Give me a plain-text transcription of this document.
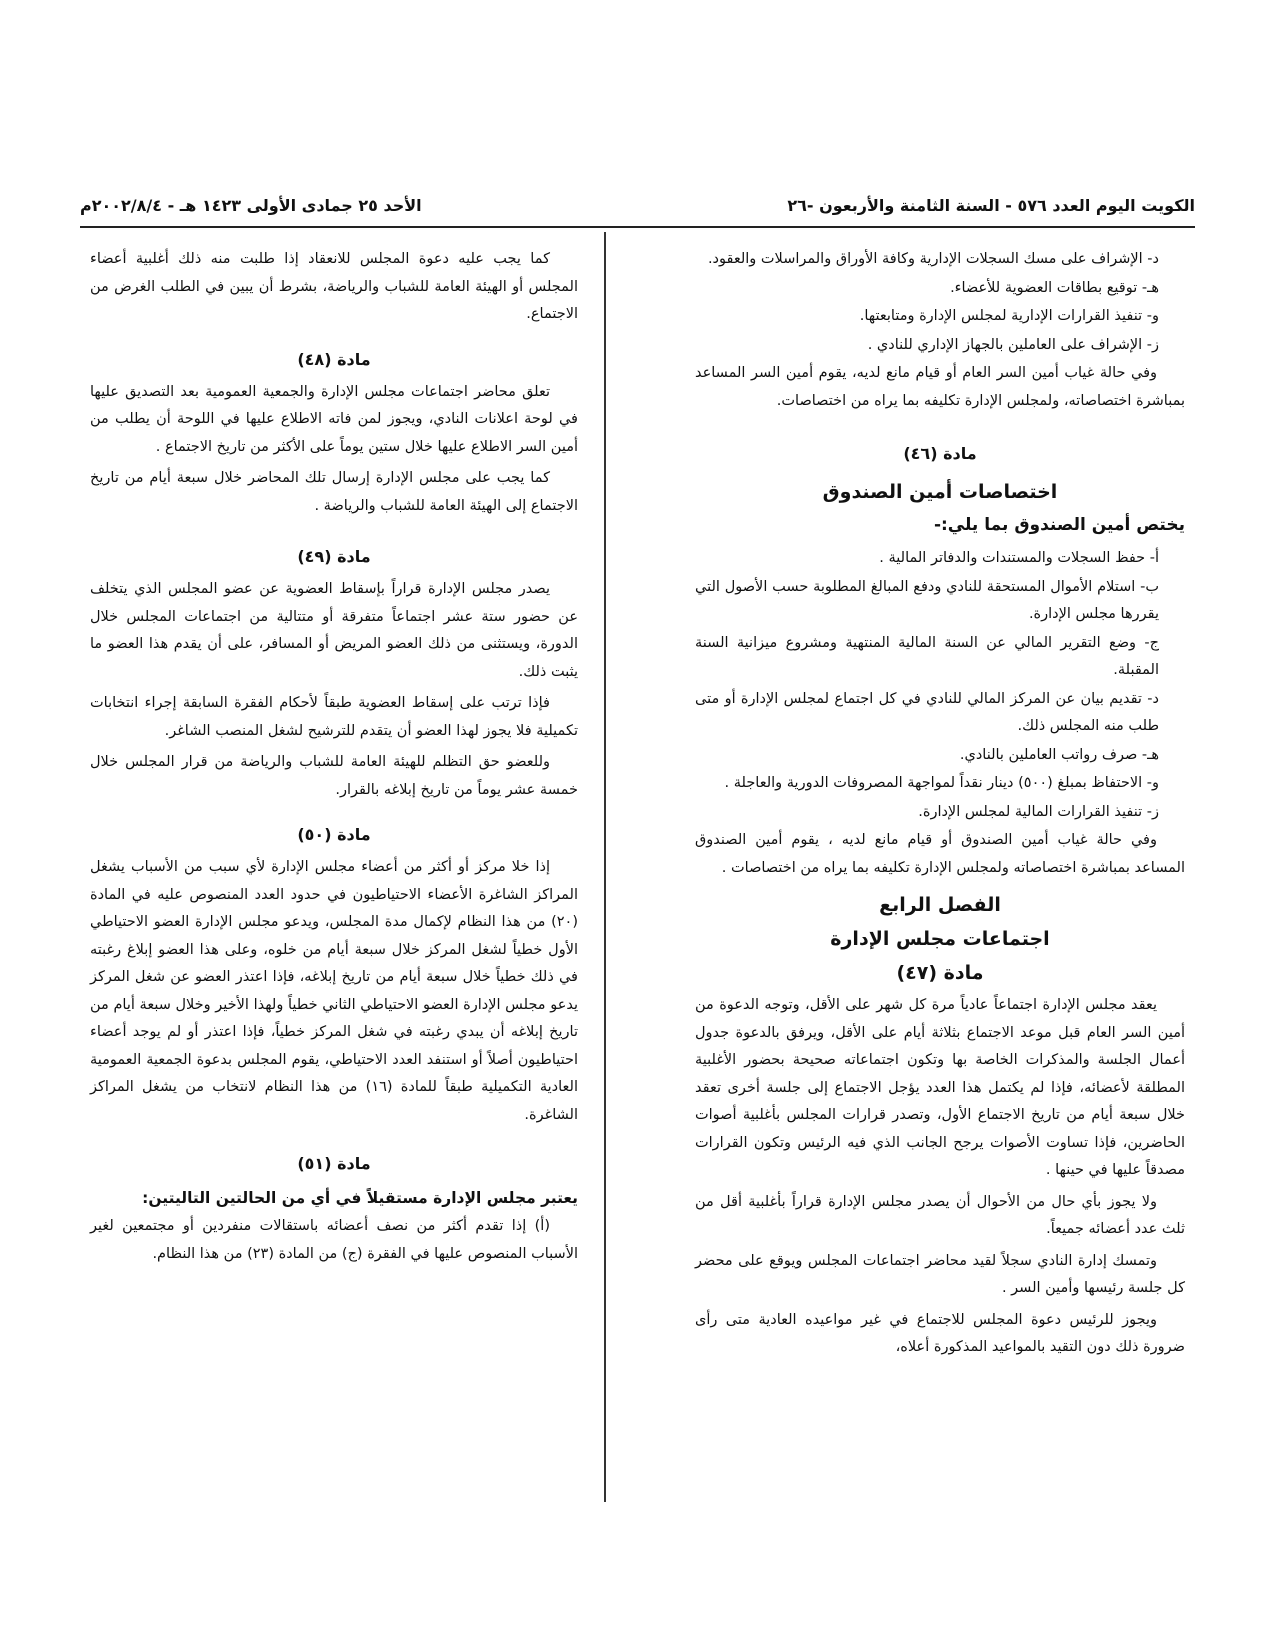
الكويت اليوم العدد ٥٧٦ - السنة الثامنة والأربعون -٢٦
الأحد ٢٥ جمادى الأولى ١٤٢٣ هـ - ٢٠٠٢/٨/٤م

د- الإشراف على مسك السجلات الإدارية وكافة الأوراق والمراسلات والعقود.

هـ- توقيع بطاقات العضوية للأعضاء.

و- تنفيذ القرارات الإدارية لمجلس الإدارة ومتابعتها.

ز- الإشراف على العاملين بالجهاز الإداري للنادي .

وفي حالة غياب أمين السر العام أو قيام مانع لديه، يقوم أمين السر المساعد بمباشرة اختصاصاته، ولمجلس الإدارة تكليفه بما يراه من اختصاصات.

مادة (٤٦)
اختصاصات أمين الصندوق
يختص أمين الصندوق بما يلي:-

أ- حفظ السجلات والمستندات والدفاتر المالية .

ب- استلام الأموال المستحقة للنادي ودفع المبالغ المطلوبة حسب الأصول التي يقررها مجلس الإدارة.

ج- وضع التقرير المالي عن السنة المالية المنتهية ومشروع ميزانية السنة المقبلة.

د- تقديم بيان عن المركز المالي للنادي في كل اجتماع لمجلس الإدارة أو متى طلب منه المجلس ذلك.

هـ- صرف رواتب العاملين بالنادي.

و- الاحتفاظ بمبلغ (٥٠٠) دينار نقداً لمواجهة المصروفات الدورية والعاجلة .

ز- تنفيذ القرارات المالية لمجلس الإدارة.

وفي حالة غياب أمين الصندوق أو قيام مانع لديه ، يقوم أمين الصندوق المساعد بمباشرة اختصاصاته ولمجلس الإدارة تكليفه بما يراه من اختصاصات .

الفصل الرابع
اجتماعات مجلس الإدارة
مادة (٤٧)

يعقد مجلس الإدارة اجتماعاً عادياً مرة كل شهر على الأقل، وتوجه الدعوة من أمين السر العام قبل موعد الاجتماع بثلاثة أيام على الأقل، ويرفق بالدعوة جدول أعمال الجلسة والمذكرات الخاصة بها وتكون اجتماعاته صحيحة بحضور الأغلبية المطلقة لأعضائه، فإذا لم يكتمل هذا العدد يؤجل الاجتماع إلى جلسة أخرى تعقد خلال سبعة أيام من تاريخ الاجتماع الأول، وتصدر قرارات المجلس بأغلبية أصوات الحاضرين، فإذا تساوت الأصوات يرجح الجانب الذي فيه الرئيس وتكون القرارات مصدقاً عليها في حينها .

ولا يجوز بأي حال من الأحوال أن يصدر مجلس الإدارة قراراً بأغلبية أقل من ثلث عدد أعضائه جميعاً.

وتمسك إدارة النادي سجلاً لقيد محاضر اجتماعات المجلس ويوقع على محضر كل جلسة رئيسها وأمين السر .

ويجوز للرئيس دعوة المجلس للاجتماع في غير مواعيده العادية متى رأى ضرورة ذلك دون التقيد بالمواعيد المذكورة أعلاه،

كما يجب عليه دعوة المجلس للانعقاد إذا طلبت منه ذلك أغلبية أعضاء المجلس أو الهيئة العامة للشباب والرياضة، بشرط أن يبين في الطلب الغرض من الاجتماع.

مادة (٤٨)

تعلق محاضر اجتماعات مجلس الإدارة والجمعية العمومية بعد التصديق عليها في لوحة اعلانات النادي، ويجوز لمن فاته الاطلاع عليها في اللوحة أن يطلب من أمين السر الاطلاع عليها خلال ستين يوماً على الأكثر من تاريخ الاجتماع .

كما يجب على مجلس الإدارة إرسال تلك المحاضر خلال سبعة أيام من تاريخ الاجتماع إلى الهيئة العامة للشباب والرياضة .

مادة (٤٩)

يصدر مجلس الإدارة قراراً بإسقاط العضوية عن عضو المجلس الذي يتخلف عن حضور ستة عشر اجتماعاً متفرقة أو متتالية من اجتماعات المجلس خلال الدورة، ويستثنى من ذلك العضو المريض أو المسافر، على أن يقدم هذا العضو ما يثبت ذلك.

فإذا ترتب على إسقاط العضوية طبقاً لأحكام الفقرة السابقة إجراء انتخابات تكميلية فلا يجوز لهذا العضو أن يتقدم للترشيح لشغل المنصب الشاغر.

وللعضو حق التظلم للهيئة العامة للشباب والرياضة من قرار المجلس خلال خمسة عشر يوماً من تاريخ إبلاغه بالقرار.

مادة (٥٠)

إذا خلا مركز أو أكثر من أعضاء مجلس الإدارة لأي سبب من الأسباب يشغل المراكز الشاغرة الأعضاء الاحتياطيون في حدود العدد المنصوص عليه في المادة (٢٠) من هذا النظام لإكمال مدة المجلس، ويدعو مجلس الإدارة العضو الاحتياطي الأول خطياً لشغل المركز خلال سبعة أيام من خلوه، وعلى هذا العضو إبلاغ رغبته في ذلك خطياً خلال سبعة أيام من تاريخ إبلاغه، فإذا اعتذر العضو عن شغل المركز يدعو مجلس الإدارة العضو الاحتياطي الثاني خطياً ولهذا الأخير وخلال سبعة أيام من تاريخ إبلاغه أن يبدي رغبته في شغل المركز خطياً، فإذا اعتذر أو لم يوجد أعضاء احتياطيون أصلاً أو استنفد العدد الاحتياطي، يقوم المجلس بدعوة الجمعية العمومية العادية التكميلية طبقاً للمادة (١٦) من هذا النظام لانتخاب من يشغل المراكز الشاغرة.

مادة (٥١)
يعتبر مجلس الإدارة مستقيلاً في أي من الحالتين التاليتين:

(أ) إذا تقدم أكثر من نصف أعضائه باستقالات منفردين أو مجتمعين لغير الأسباب المنصوص عليها في الفقرة (ج) من المادة (٢٣) من هذا النظام.
